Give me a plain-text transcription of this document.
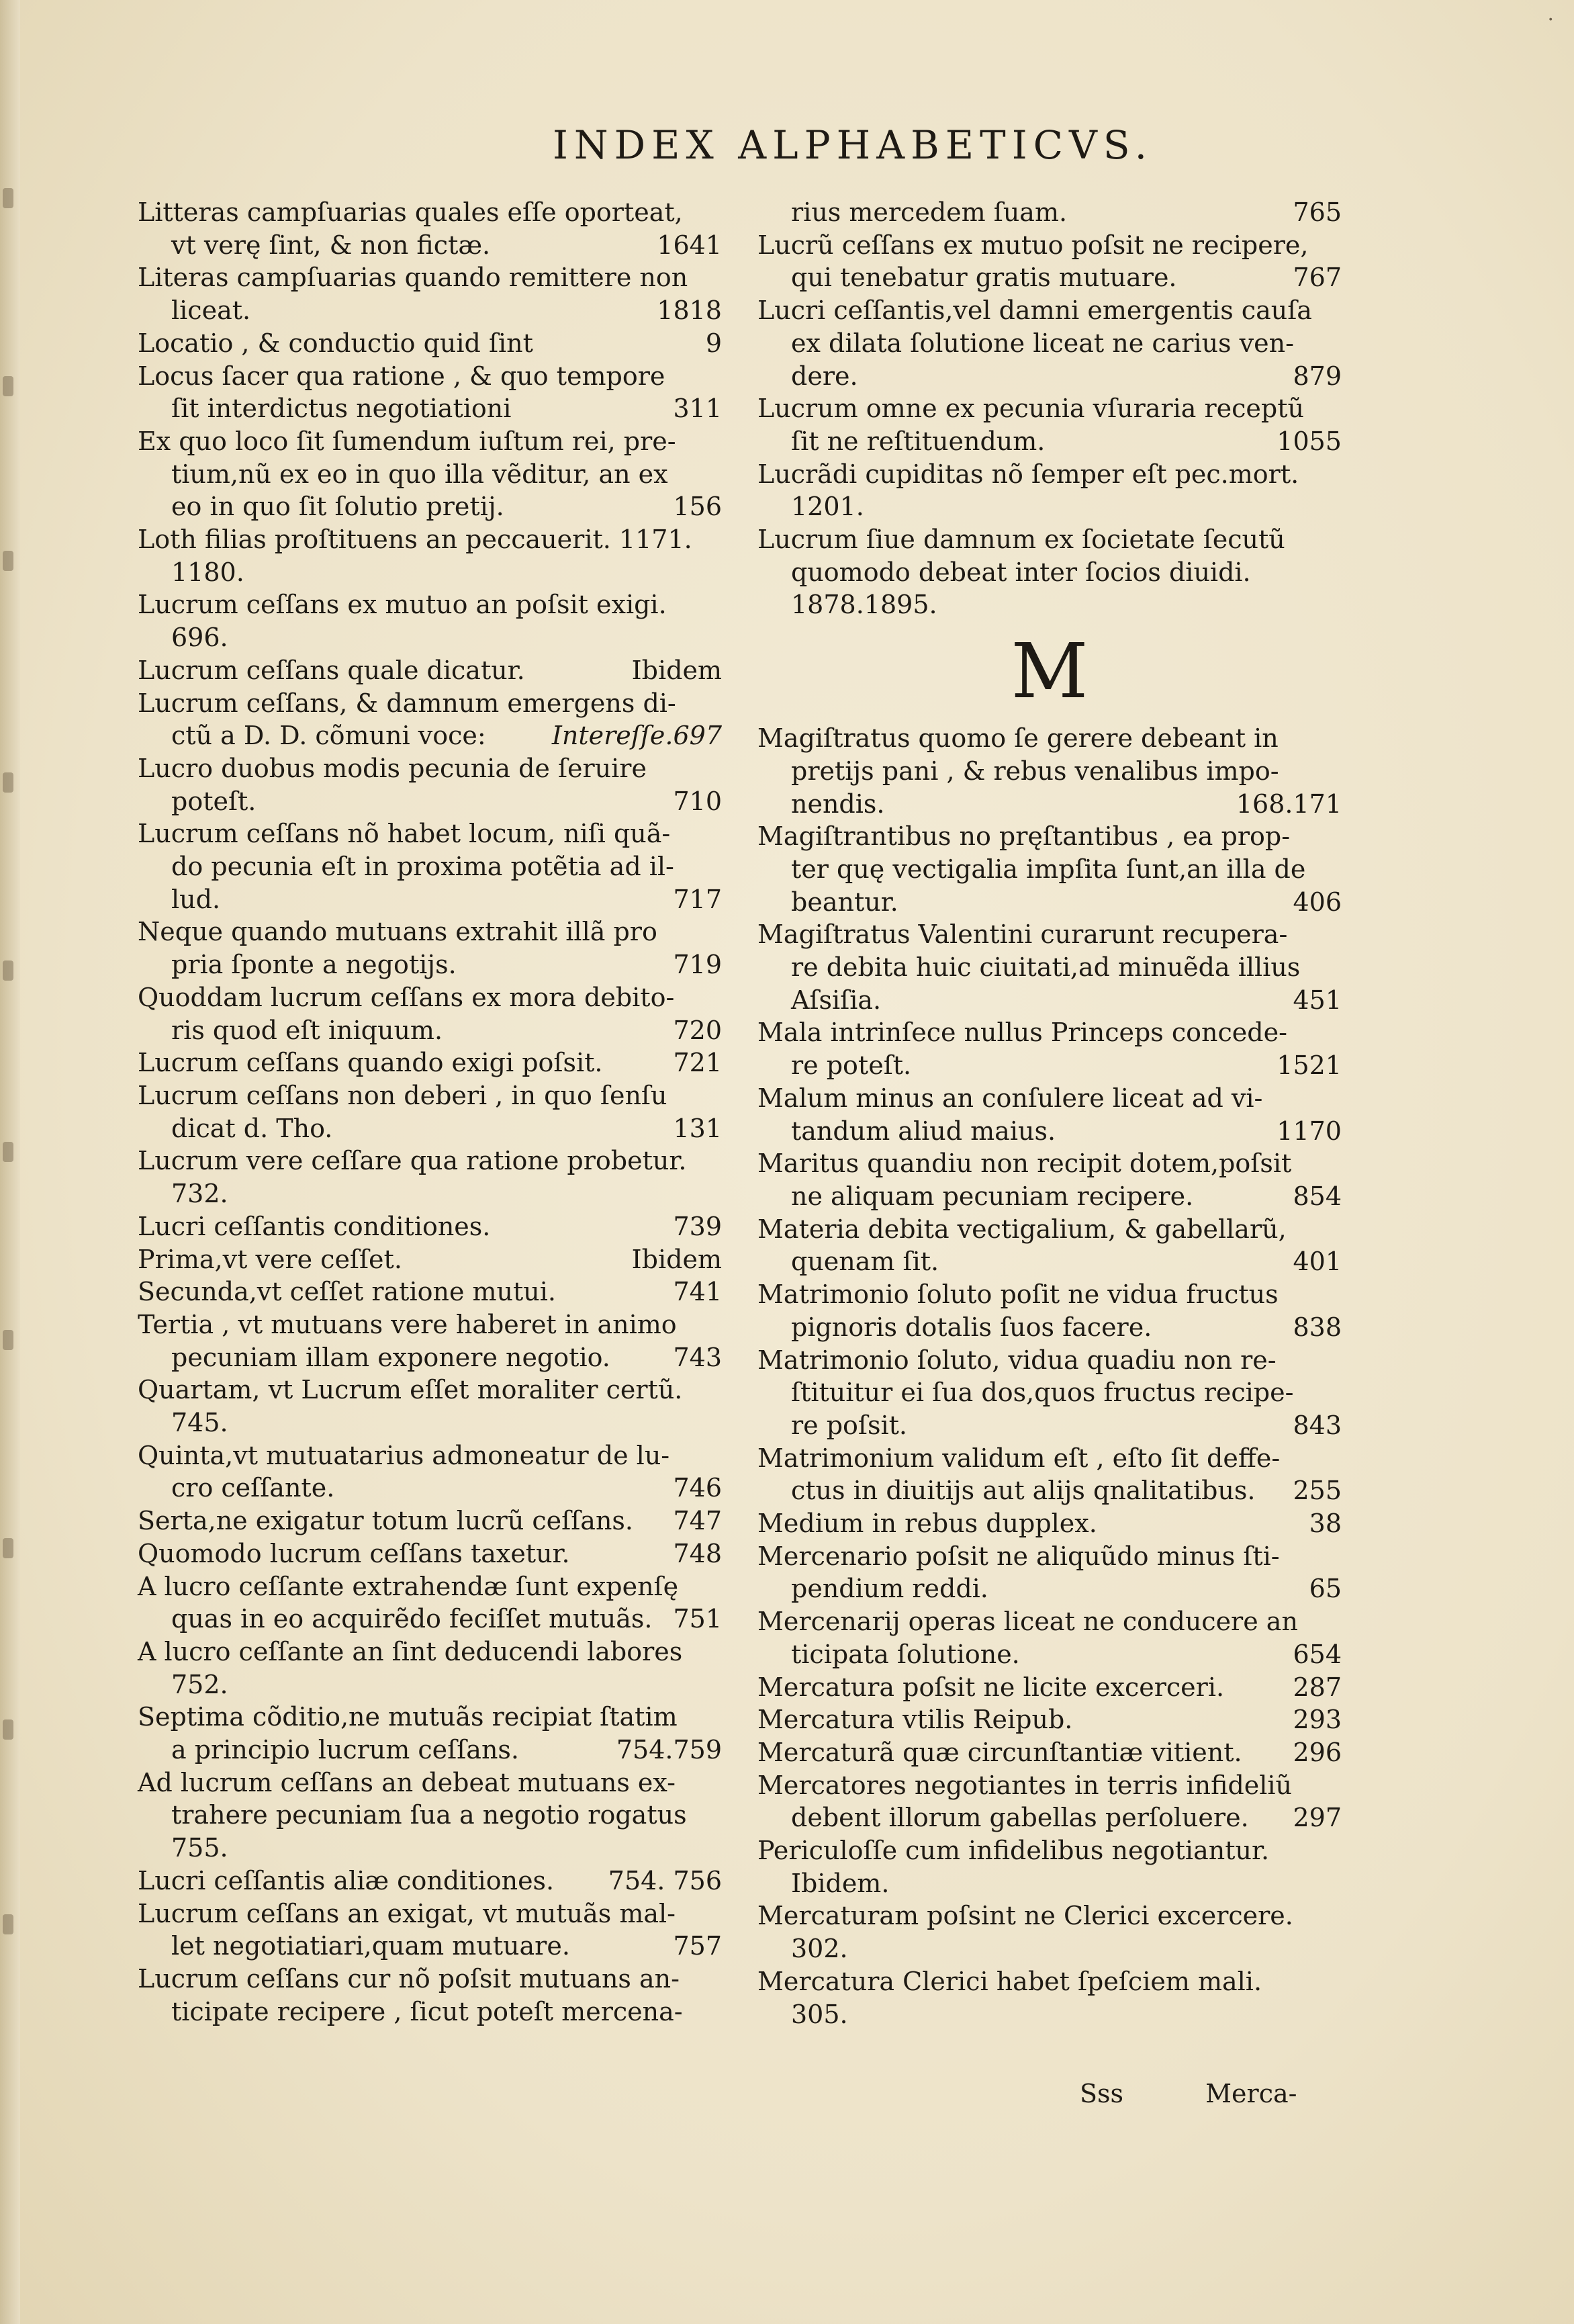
·
INDEX ALPHABETICVS.
Litteras campſuarias quales eſſe oporteat,
vt verę ſint, & non fictæ.	1641
Literas campſuarias quando remittere non
liceat.	1818
Locatio , & conductio quid ſint	9
Locus ſacer qua ratione , & quo tempore
ſit interdictus negotiationi	311
Ex quo loco ſit ſumendum iuſtum rei, pre-
tium,nũ ex eo in quo illa vẽditur, an ex
eo in quo ſit ſolutio pretij.	156
Loth filias proſtituens an peccauerit. 1171.
1180.
Lucrum ceſſans ex mutuo an poſsit exigi.
696.
Lucrum ceſſans quale dicatur.	Ibidem
Lucrum ceſſans, & damnum emergens di-
ctũ a D. D. cõmuni voce:	Intereſſe.697
Lucro duobus modis pecunia de ſeruire
poteſt.	710
Lucrum ceſſans nõ habet locum, niſi quã-
do pecunia eſt in proxima potẽtia ad il-
lud.	717
Neque quando mutuans extrahit illã pro
pria ſponte a negotijs.	719
Quoddam lucrum ceſſans ex mora debito-
ris quod eſt iniquum.	720
Lucrum ceſſans quando exigi poſsit.	721
Lucrum ceſſans non deberi , in quo ſenſu
dicat d. Tho.	131
Lucrum vere ceſſare qua ratione probetur.
732.
Lucri ceſſantis conditiones.	739
Prima,vt vere ceſſet.	Ibidem
Secunda,vt ceſſet ratione mutui.	741
Tertia , vt mutuans vere haberet in animo
pecuniam illam exponere negotio.	743
Quartam, vt Lucrum eſſet moraliter certũ.
745.
Quinta,vt mutuatarius admoneatur de lu-
cro ceſſante.	746
Serta,ne exigatur totum lucrũ ceſſans.	747
Quomodo lucrum ceſſans taxetur.	748
A lucro ceſſante extrahendæ ſunt expenſę
quas in eo acquirẽdo feciſſet mutuãs. 751
A lucro ceſſante an ſint deducendi labores
752.
Septima cõditio,ne mutuãs recipiat ſtatim
a principio lucrum ceſſans.	754.759
Ad lucrum ceſſans an debeat mutuans ex-
trahere pecuniam ſua a negotio rogatus
755.
Lucri ceſſantis aliæ conditiones.	754. 756
Lucrum ceſſans an exigat, vt mutuãs mal-
let negotiatiari,quam mutuare.	757
Lucrum ceſſans cur nõ poſsit mutuans an-
ticipate recipere , ſicut poteſt mercena-
rius mercedem ſuam.	765
Lucrũ ceſſans ex mutuo poſsit ne recipere,
qui tenebatur gratis mutuare.	767
Lucri ceſſantis,vel damni emergentis cauſa
ex dilata ſolutione liceat ne carius ven-
dere.	879
Lucrum omne ex pecunia vſuraria receptũ
ſit ne reſtituendum.	1055
Lucrãdi cupiditas nõ ſemper eſt pec.mort.
1201.
Lucrum ſiue damnum ex ſocietate ſecutũ
quomodo debeat inter ſocios diuidi.
1878.1895.
M
Magiſtratus quomo ſe gerere debeant in
pretijs pani , & rebus venalibus impo-
nendis.	168.171
Magiſtrantibus no pręſtantibus , ea prop-
ter quę vectigalia impſita ſunt,an illa de
beantur.	406
Magiſtratus Valentini curarunt recupera-
re debita huic ciuitati,ad minuẽda illius
Aſsiſia.	451
Mala intrinſece nullus Princeps concede-
re poteſt.	1521
Malum minus an conſulere liceat ad vi-
tandum aliud maius.	1170
Maritus quandiu non recipit dotem,poſsit
ne aliquam pecuniam recipere.	854
Materia debita vectigalium, & gabellarũ,
quenam ſit.	401
Matrimonio ſoluto poſit ne vidua fructus
pignoris dotalis ſuos facere.	838
Matrimonio ſoluto, vidua quadiu non re-
ſtituitur ei ſua dos,quos fructus recipe-
re poſsit.	843
Matrimonium validum eſt , eſto ſit deffe-
ctus in diuitijs aut alijs qnalitatibus.	255
Medium in rebus dupplex.	38
Mercenario poſsit ne aliquũdo minus ſti-
pendium reddi.	65
Mercenarij operas liceat ne conducere an
ticipata ſolutione.	654
Mercatura poſsit ne licite excerceri.	287
Mercatura vtilis Reipub.	293
Mercaturã quæ circunſtantiæ vitient.	296
Mercatores negotiantes in terris infideliũ
debent illorum gabellas perſoluere.	297
Periculoſſe cum infidelibus negotiantur.
Ibidem.
Mercaturam poſsint ne Clerici excercere.
302.
Mercatura Clerici habet ſpeſciem mali.
305.
Sss	Merca-
